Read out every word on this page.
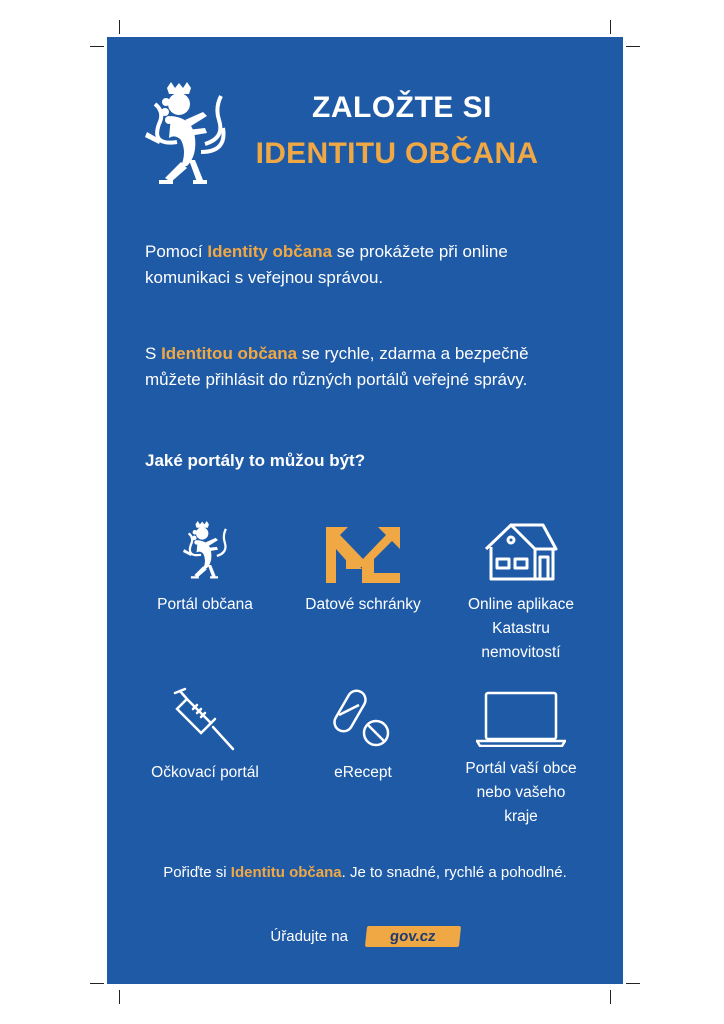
ZALOŽTE SI
IDENTITU OBČANA
Pomocí Identity občana se prokážete při online
komunikaci s veřejnou správou.
S Identitou občana se rychle, zdarma a bezpečně
můžete přihlásit do různých portálů veřejné správy.
Jaké portály to můžou být?
Portál občana	Datové schránky	Online aplikace
Katastru
nemovitostí
Očkovací portál	eRecept	Portál vaší obce
nebo vašeho
kraje
Pořiďte si Identitu občana. Je to snadné, rychlé a pohodlné.
Úřadujte na	gov.cz
